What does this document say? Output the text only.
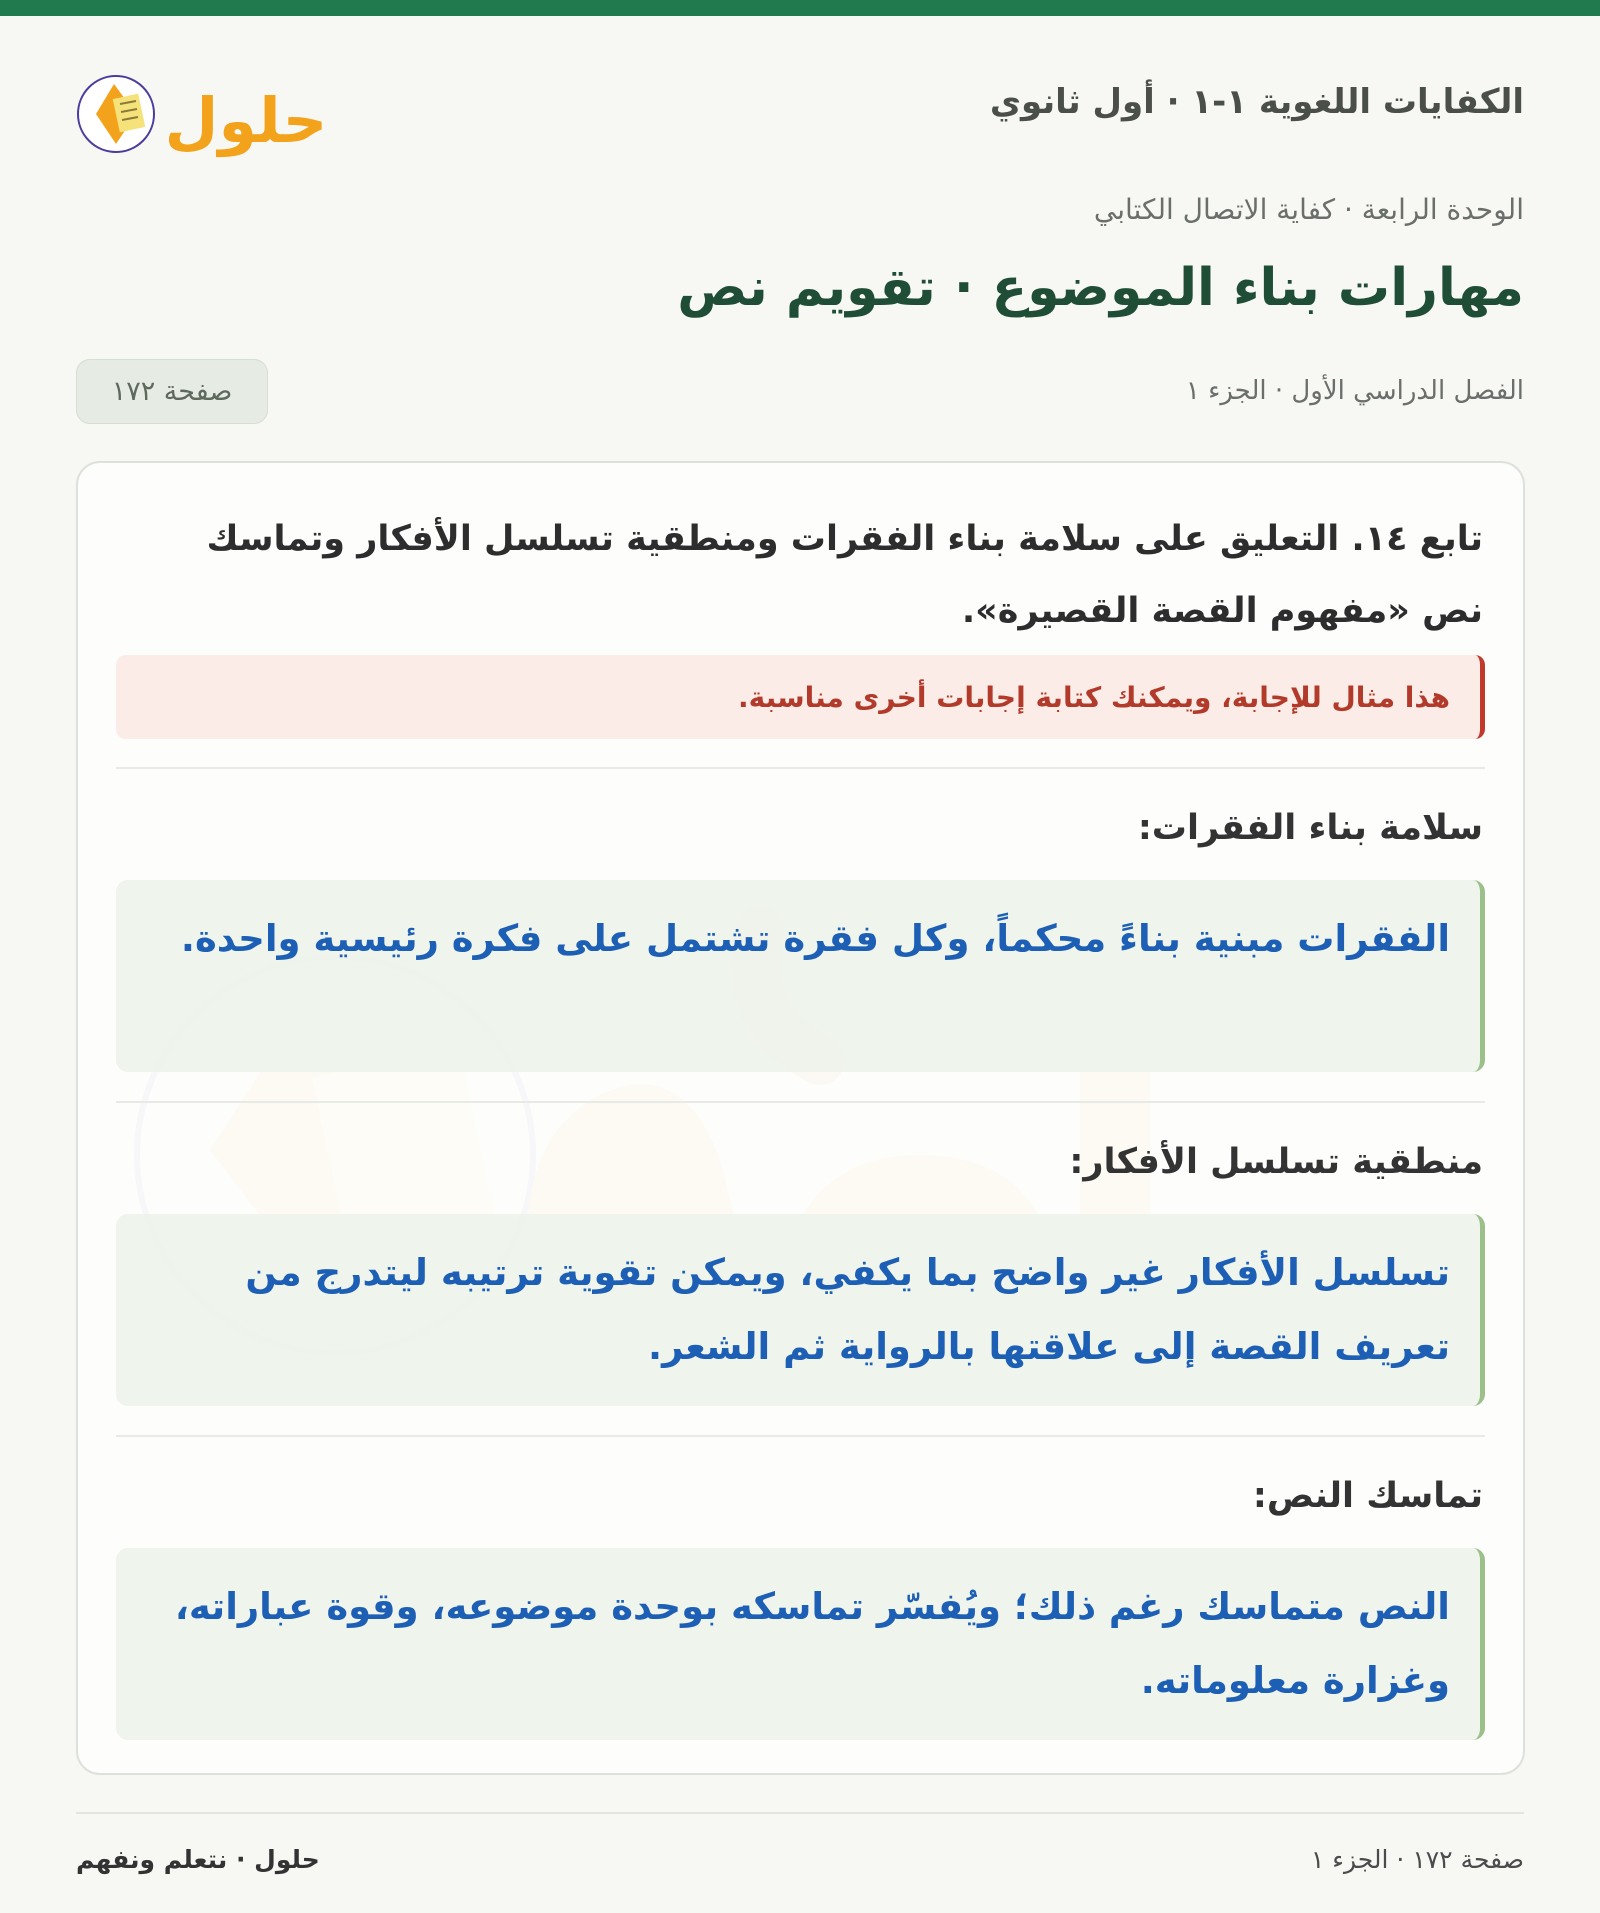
الكفايات اللغوية ١-١ · أول ثانوي
حلول
الوحدة الرابعة · كفاية الاتصال الكتابي
مهارات بناء الموضوع · تقويم نص
الفصل الدراسي الأول · الجزء ١
صفحة ١٧٢
تابع ١٤. التعليق على سلامة بناء الفقرات ومنطقية تسلسل الأفكار وتماسك نص «مفهوم القصة القصيرة».
هذا مثال للإجابة، ويمكنك كتابة إجابات أخرى مناسبة.
سلامة بناء الفقرات:
الفقرات مبنية بناءً محكماً، وكل فقرة تشتمل على فكرة رئيسية واحدة.
منطقية تسلسل الأفكار:
تسلسل الأفكار غير واضح بما يكفي، ويمكن تقوية ترتيبه ليتدرج من تعريف القصة إلى علاقتها بالرواية ثم الشعر.
تماسك النص:
النص متماسك رغم ذلك؛ ويُفسّر تماسكه بوحدة موضوعه، وقوة عباراته، وغزارة معلوماته.
صفحة ١٧٢ · الجزء ١
حلول · نتعلم ونفهم
